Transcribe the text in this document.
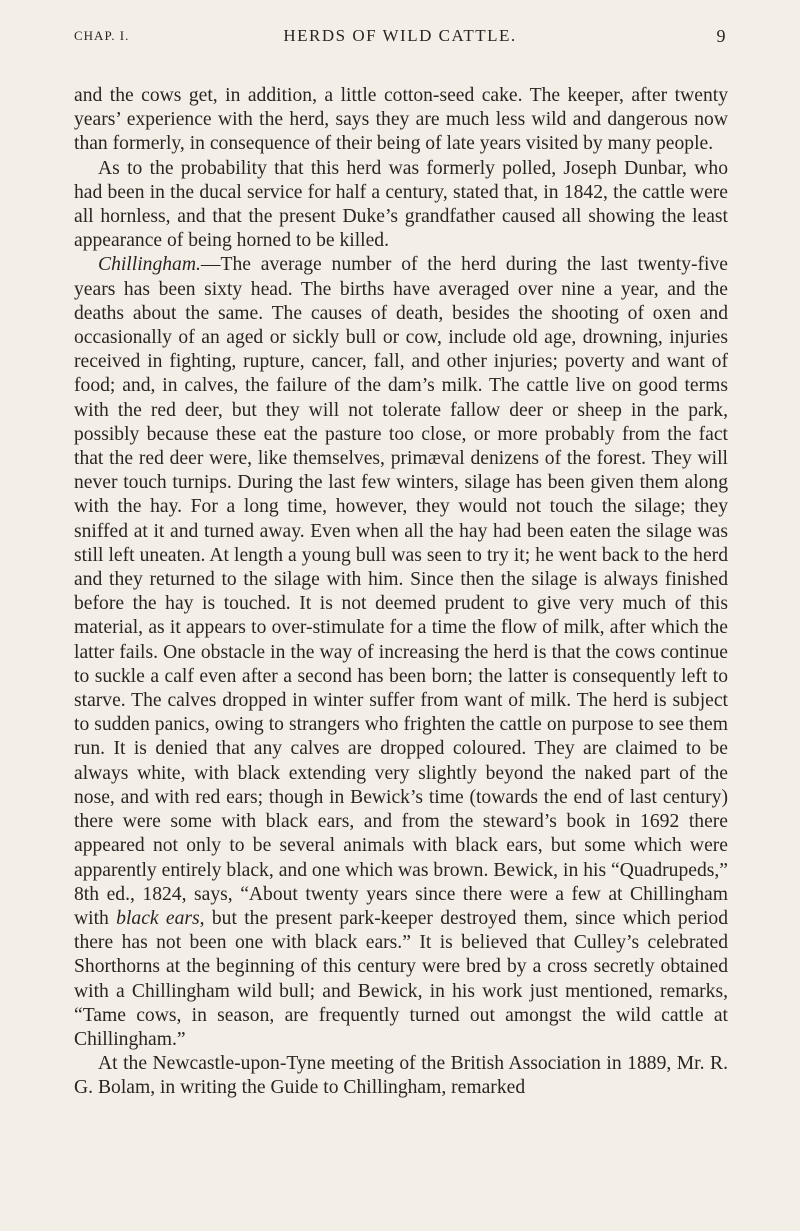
CHAP. I.	HERDS OF WILD CATTLE.	9

and the cows get, in addition, a little cotton-seed cake. The keeper, after twenty years’ experience with the herd, says they are much less wild and dangerous now than formerly, in consequence of their being of late years visited by many people.

As to the probability that this herd was formerly polled, Joseph Dunbar, who had been in the ducal service for half a century, stated that, in 1842, the cattle were all hornless, and that the present Duke’s grandfather caused all showing the least appearance of being horned to be killed.

Chillingham.—The average number of the herd during the last twenty-five years has been sixty head. The births have averaged over nine a year, and the deaths about the same. The causes of death, besides the shooting of oxen and occasionally of an aged or sickly bull or cow, include old age, drowning, injuries received in fighting, rupture, cancer, fall, and other injuries; poverty and want of food; and, in calves, the failure of the dam’s milk. The cattle live on good terms with the red deer, but they will not tolerate fallow deer or sheep in the park, possibly because these eat the pasture too close, or more probably from the fact that the red deer were, like themselves, primæval denizens of the forest. They will never touch turnips. During the last few winters, silage has been given them along with the hay. For a long time, however, they would not touch the silage; they sniffed at it and turned away. Even when all the hay had been eaten the silage was still left uneaten. At length a young bull was seen to try it; he went back to the herd and they returned to the silage with him. Since then the silage is always finished before the hay is touched. It is not deemed prudent to give very much of this material, as it appears to over-stimulate for a time the flow of milk, after which the latter fails. One obstacle in the way of increasing the herd is that the cows continue to suckle a calf even after a second has been born; the latter is consequently left to starve. The calves dropped in winter suffer from want of milk. The herd is subject to sudden panics, owing to strangers who frighten the cattle on purpose to see them run. It is denied that any calves are dropped coloured. They are claimed to be always white, with black extending very slightly beyond the naked part of the nose, and with red ears; though in Bewick’s time (towards the end of last century) there were some with black ears, and from the steward’s book in 1692 there appeared not only to be several animals with black ears, but some which were apparently entirely black, and one which was brown. Bewick, in his “Quadrupeds,” 8th ed., 1824, says, “About twenty years since there were a few at Chillingham with black ears, but the present park-keeper destroyed them, since which period there has not been one with black ears.” It is believed that Culley’s celebrated Shorthorns at the beginning of this century were bred by a cross secretly obtained with a Chillingham wild bull; and Bewick, in his work just mentioned, remarks, “Tame cows, in season, are frequently turned out amongst the wild cattle at Chillingham.”

At the Newcastle-upon-Tyne meeting of the British Association in 1889, Mr. R. G. Bolam, in writing the Guide to Chillingham, remarked
